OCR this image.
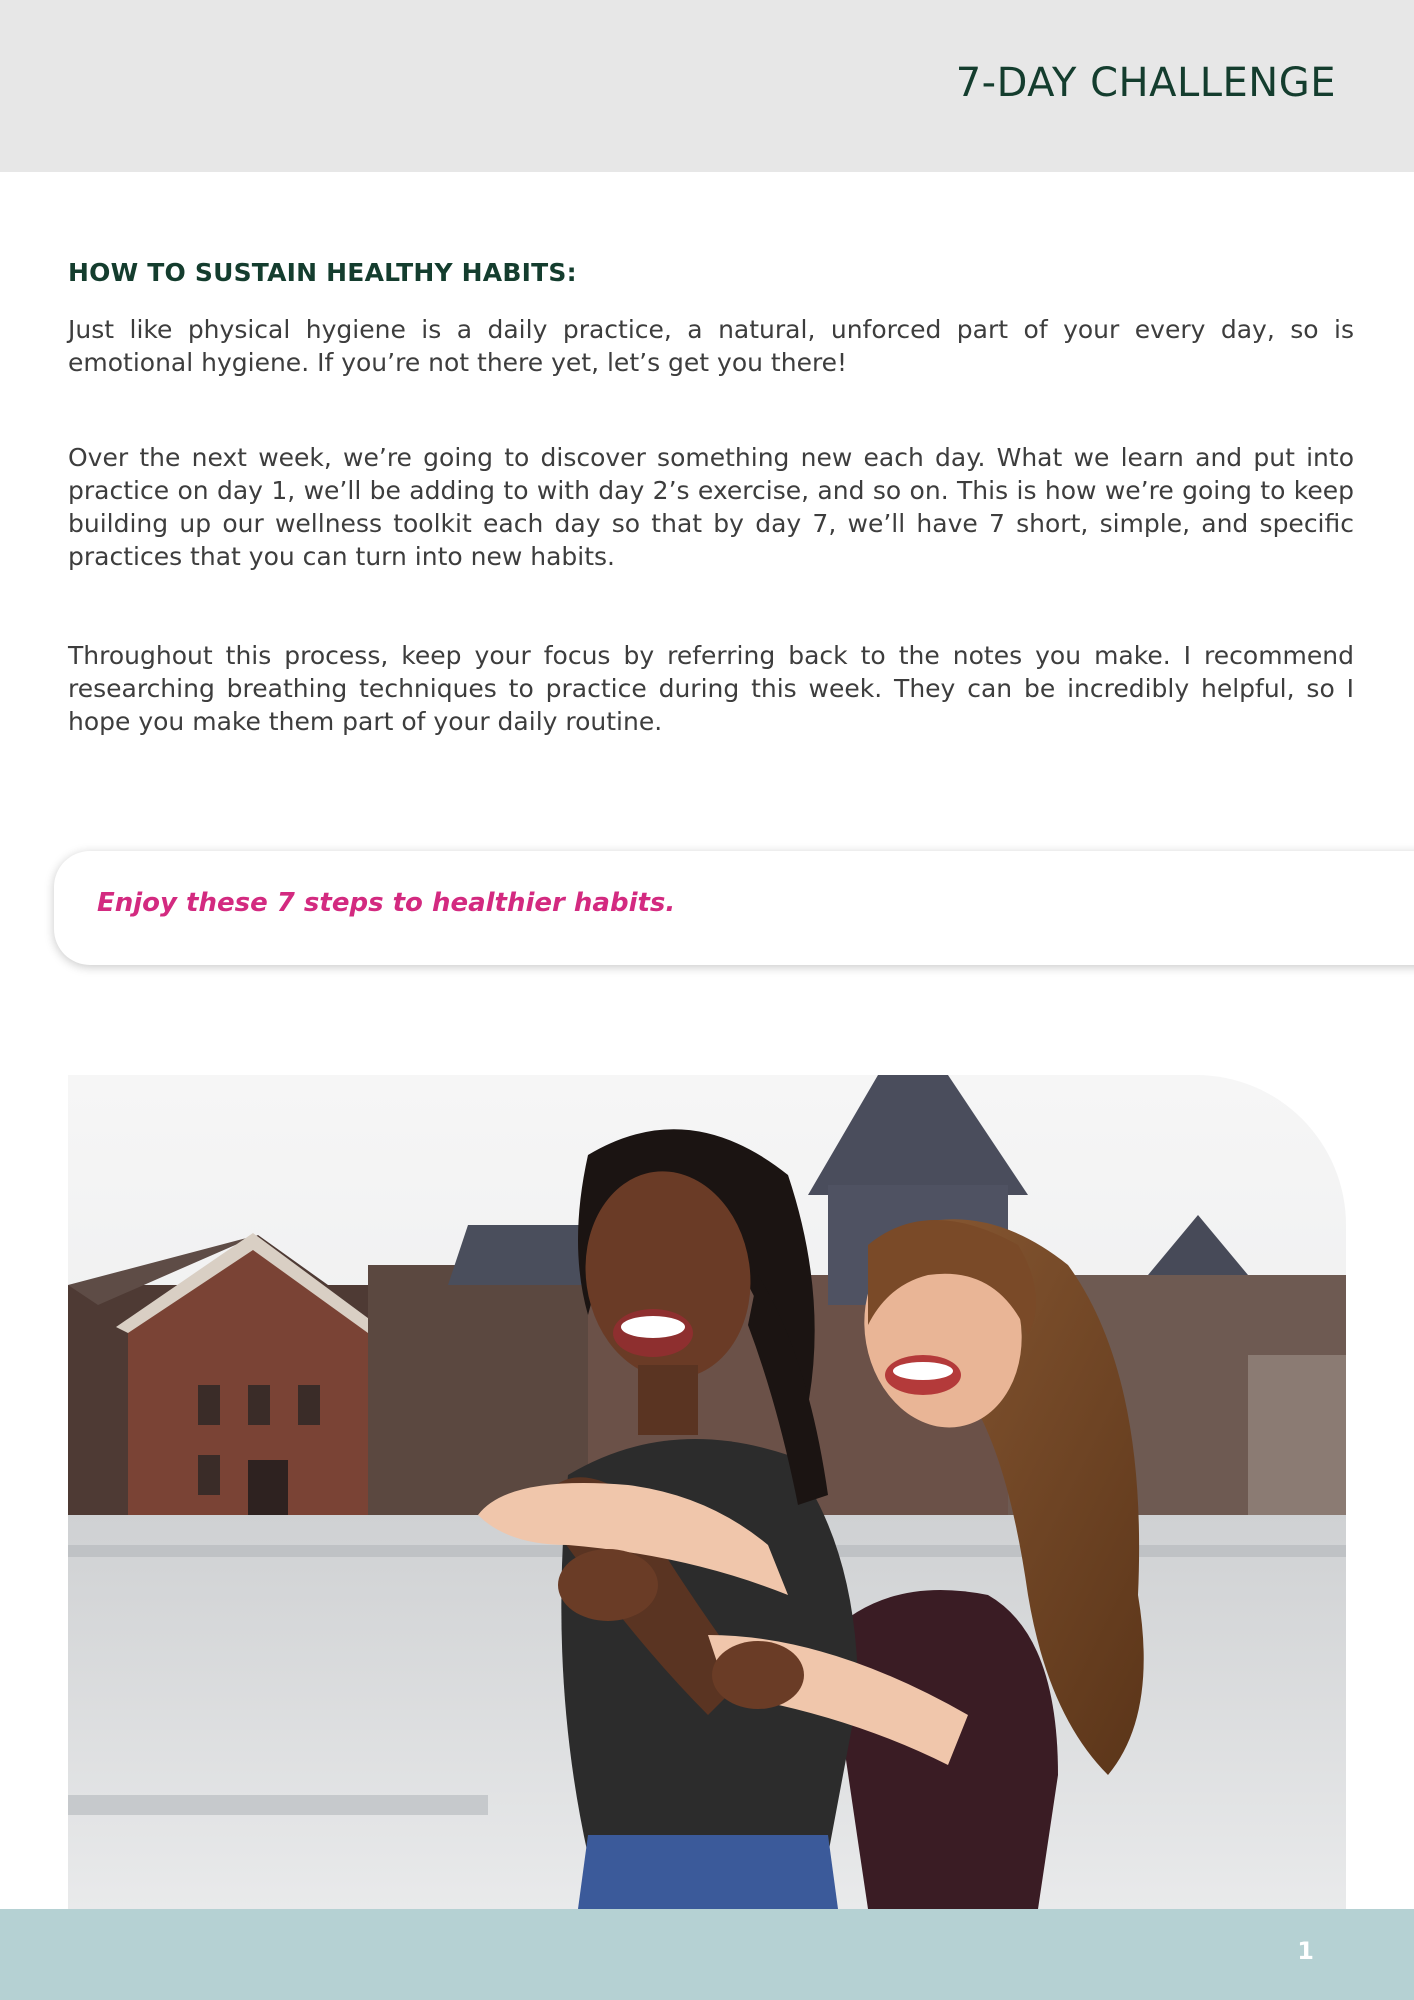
7-DAY CHALLENGE
HOW TO SUSTAIN HEALTHY HABITS:

Just like physical hygiene is a daily practice, a natural, unforced part of your every day, so is emotional hygiene. If you’re not there yet, let’s get you there!

Over the next week, we’re going to discover something new each day. What we learn and put into practice on day 1, we’ll be adding to with day 2’s exercise, and so on. This is how we’re going to keep building up our wellness toolkit each day so that by day 7, we’ll have 7 short, simple, and specific practices that you can turn into new habits.

Throughout this process, keep your focus by referring back to the notes you make. I recommend researching breathing techniques to practice during this week. They can be incredibly helpful, so I hope you make them part of your daily routine.

Enjoy these 7 steps to healthier habits.
1
